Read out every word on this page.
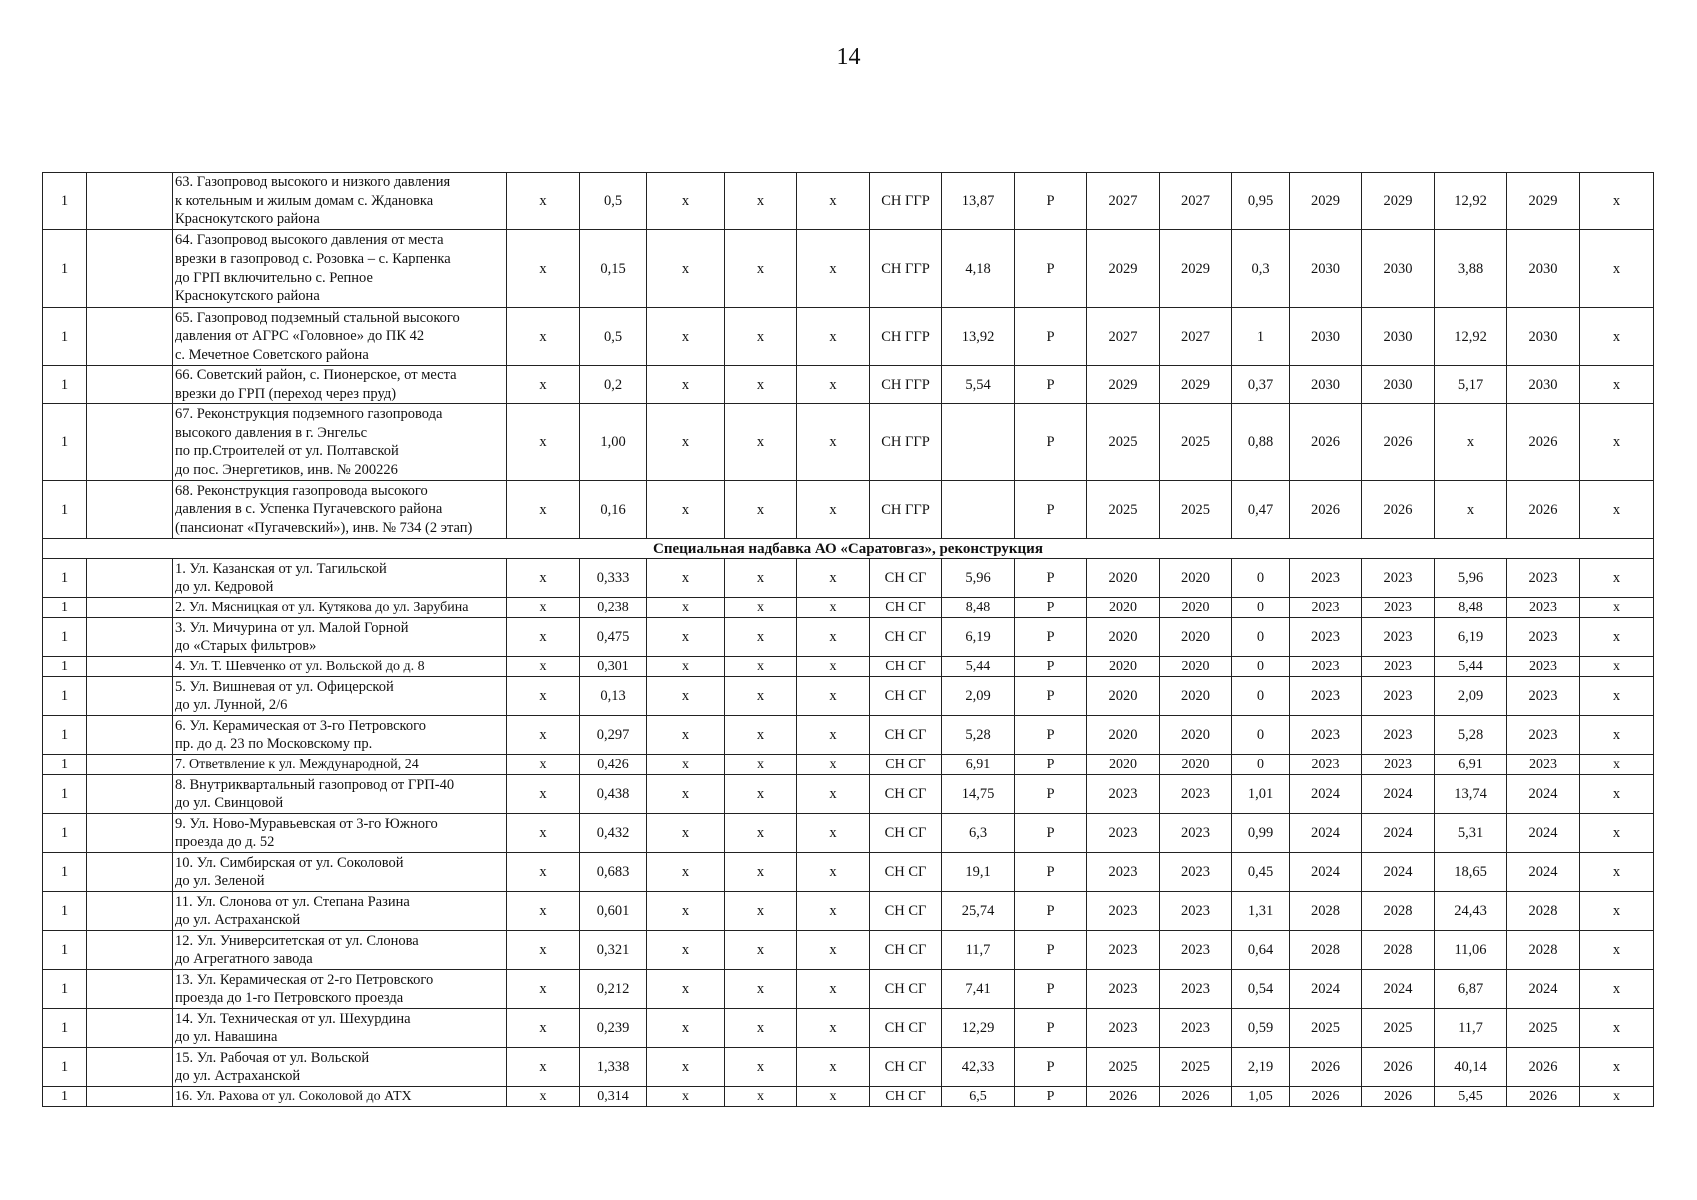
14
1		63. Газопровод высокого и низкого давления
к котельным и жилым домам с. Ждановка
Краснокутского района	х	0,5	х	х	х	СН ГГР	13,87	Р	2027	2027	0,95	2029	2029	12,92	2029	х
1		64. Газопровод высокого давления от места
врезки в газопровод с. Розовка – с. Карпенка
до ГРП включительно с. Репное
Краснокутского района	х	0,15	х	х	х	СН ГГР	4,18	Р	2029	2029	0,3	2030	2030	3,88	2030	х
1		65. Газопровод подземный стальной высокого
давления от АГРС «Головное» до ПК 42
с. Мечетное Советского района	х	0,5	х	х	х	СН ГГР	13,92	Р	2027	2027	1	2030	2030	12,92	2030	х
1		66. Советский район, с. Пионерское, от места
врезки до ГРП (переход через пруд)	х	0,2	х	х	х	СН ГГР	5,54	Р	2029	2029	0,37	2030	2030	5,17	2030	х
1		67. Реконструкция подземного газопровода
высокого давления в г. Энгельс
по пр.Строителей от ул. Полтавской
до пос. Энергетиков, инв. № 200226	х	1,00	х	х	х	СН ГГР		Р	2025	2025	0,88	2026	2026	х	2026	х
1		68. Реконструкция газопровода высокого
давления в с. Успенка Пугачевского района
(пансионат «Пугачевский»), инв. № 734 (2 этап)	х	0,16	х	х	х	СН ГГР		Р	2025	2025	0,47	2026	2026	х	2026	х
Специальная надбавка АО «Саратовгаз», реконструкция																		
1		1. Ул. Казанская от ул. Тагильской
до ул. Кедровой	х	0,333	х	х	х	СН СГ	5,96	Р	2020	2020	0	2023	2023	5,96	2023	х
1		2. Ул. Мясницкая от ул. Кутякова до ул. Зарубина	х	0,238	х	х	х	СН СГ	8,48	Р	2020	2020	0	2023	2023	8,48	2023	х
1		3. Ул. Мичурина от ул. Малой Горной
до «Старых фильтров»	х	0,475	х	х	х	СН СГ	6,19	Р	2020	2020	0	2023	2023	6,19	2023	х
1		4. Ул. Т. Шевченко от ул. Вольской до д. 8	х	0,301	х	х	х	СН СГ	5,44	Р	2020	2020	0	2023	2023	5,44	2023	х
1		5. Ул. Вишневая от ул. Офицерской
до ул. Лунной, 2/6	х	0,13	х	х	х	СН СГ	2,09	Р	2020	2020	0	2023	2023	2,09	2023	х
1		6. Ул. Керамическая от 3-го Петровского
пр. до д. 23 по Московскому пр.	х	0,297	х	х	х	СН СГ	5,28	Р	2020	2020	0	2023	2023	5,28	2023	х
1		7. Ответвление к ул. Международной, 24	х	0,426	х	х	х	СН СГ	6,91	Р	2020	2020	0	2023	2023	6,91	2023	х
1		8. Внутриквартальный газопровод от ГРП-40
до ул. Свинцовой	х	0,438	х	х	х	СН СГ	14,75	Р	2023	2023	1,01	2024	2024	13,74	2024	х
1		9. Ул. Ново-Муравьевская от 3-го Южного
проезда до д. 52	х	0,432	х	х	х	СН СГ	6,3	Р	2023	2023	0,99	2024	2024	5,31	2024	х
1		10. Ул. Симбирская от ул. Соколовой
до ул. Зеленой	х	0,683	х	х	х	СН СГ	19,1	Р	2023	2023	0,45	2024	2024	18,65	2024	х
1		11. Ул. Слонова от ул. Степана Разина
до ул. Астраханской	х	0,601	х	х	х	СН СГ	25,74	Р	2023	2023	1,31	2028	2028	24,43	2028	х
1		12. Ул. Университетская от ул. Слонова
до Агрегатного завода	х	0,321	х	х	х	СН СГ	11,7	Р	2023	2023	0,64	2028	2028	11,06	2028	х
1		13. Ул. Керамическая от 2-го Петровского
проезда до 1-го Петровского проезда	х	0,212	х	х	х	СН СГ	7,41	Р	2023	2023	0,54	2024	2024	6,87	2024	х
1		14. Ул. Техническая от ул. Шехурдина
до ул. Навашина	х	0,239	х	х	х	СН СГ	12,29	Р	2023	2023	0,59	2025	2025	11,7	2025	х
1		15. Ул. Рабочая от ул. Вольской
до ул. Астраханской	х	1,338	х	х	х	СН СГ	42,33	Р	2025	2025	2,19	2026	2026	40,14	2026	х
1		16. Ул. Рахова от ул. Соколовой до АТХ	х	0,314	х	х	х	СН СГ	6,5	Р	2026	2026	1,05	2026	2026	5,45	2026	х
